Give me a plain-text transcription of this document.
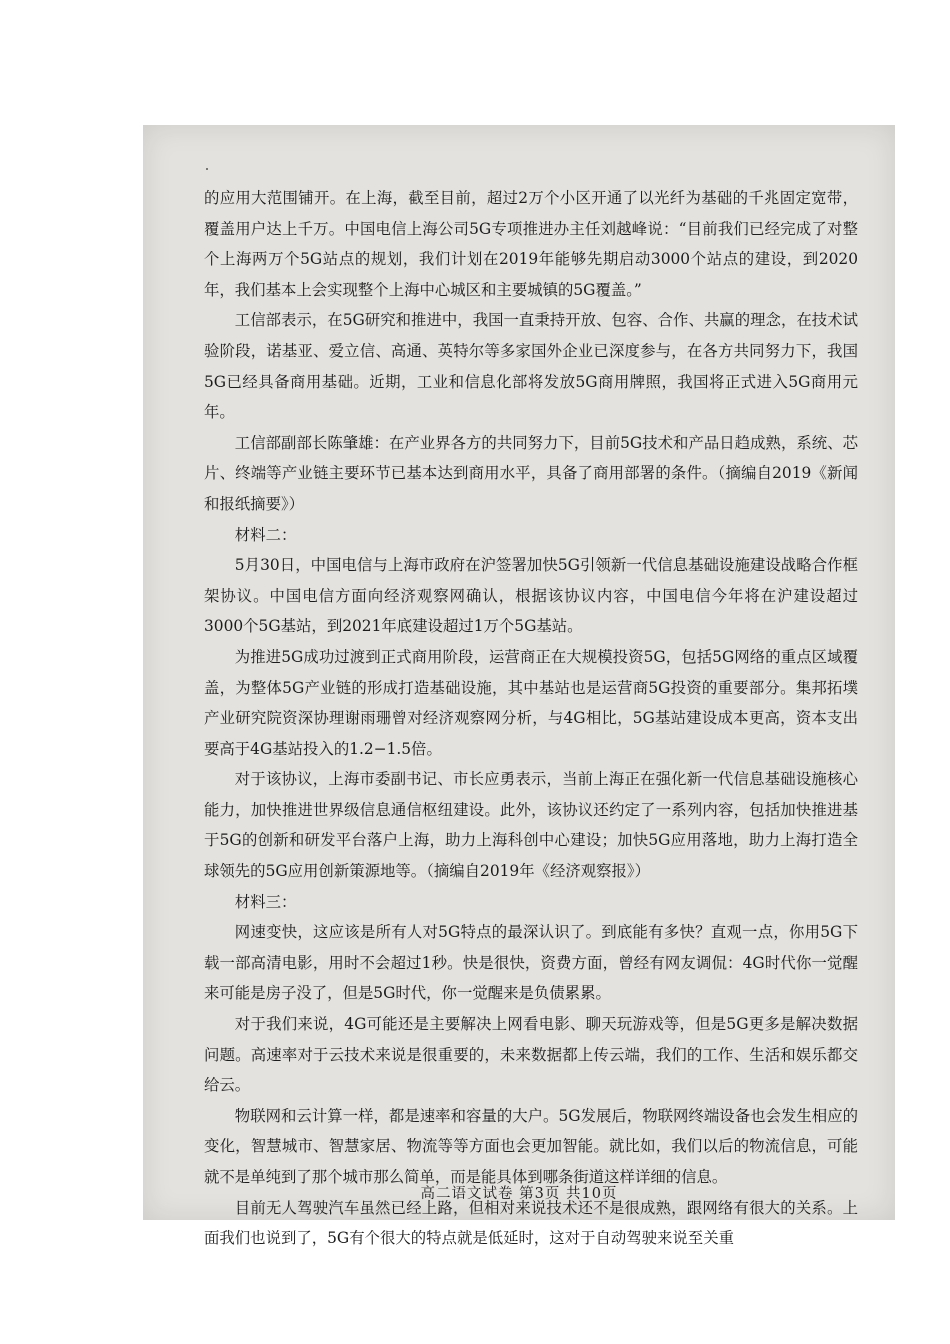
的应用大范围铺开。在上海，截至目前，超过2万个小区开通了以光纤为基础的千兆固定宽带，覆盖用户达上千万。中国电信上海公司5G专项推进办主任刘越峰说：“目前我们已经完成了对整个上海两万个5G站点的规划，我们计划在2019年能够先期启动3000个站点的建设，到2020年，我们基本上会实现整个上海中心城区和主要城镇的5G覆盖。”

工信部表示，在5G研究和推进中，我国一直秉持开放、包容、合作、共赢的理念，在技术试验阶段，诺基亚、爱立信、高通、英特尔等多家国外企业已深度参与，在各方共同努力下，我国5G已经具备商用基础。近期，工业和信息化部将发放5G商用牌照，我国将正式进入5G商用元年。

工信部副部长陈肇雄：在产业界各方的共同努力下，目前5G技术和产品日趋成熟，系统、芯片、终端等产业链主要环节已基本达到商用水平，具备了商用部署的条件。（摘编自2019《新闻和报纸摘要》）

材料二：

5月30日，中国电信与上海市政府在沪签署加快5G引领新一代信息基础设施建设战略合作框架协议。中国电信方面向经济观察网确认，根据该协议内容，中国电信今年将在沪建设超过3000个5G基站，到2021年底建设超过1万个5G基站。

为推进5G成功过渡到正式商用阶段，运营商正在大规模投资5G，包括5G网络的重点区域覆盖，为整体5G产业链的形成打造基础设施，其中基站也是运营商5G投资的重要部分。集邦拓墣产业研究院资深协理谢雨珊曾对经济观察网分析，与4G相比，5G基站建设成本更高，资本支出要高于4G基站投入的1.2−1.5倍。

对于该协议，上海市委副书记、市长应勇表示，当前上海正在强化新一代信息基础设施核心能力，加快推进世界级信息通信枢纽建设。此外，该协议还约定了一系列内容，包括加快推进基于5G的创新和研发平台落户上海，助力上海科创中心建设；加快5G应用落地，助力上海打造全球领先的5G应用创新策源地等。（摘编自2019年《经济观察报》）

材料三：

网速变快，这应该是所有人对5G特点的最深认识了。到底能有多快？直观一点，你用5G下载一部高清电影，用时不会超过1秒。快是很快，资费方面，曾经有网友调侃：4G时代你一觉醒来可能是房子没了，但是5G时代，你一觉醒来是负债累累。

对于我们来说，4G可能还是主要解决上网看电影、聊天玩游戏等，但是5G更多是解决数据问题。高速率对于云技术来说是很重要的，未来数据都上传云端，我们的工作、生活和娱乐都交给云。

物联网和云计算一样，都是速率和容量的大户。5G发展后，物联网终端设备也会发生相应的变化，智慧城市、智慧家居、物流等等方面也会更加智能。就比如，我们以后的物流信息，可能就不是单纯到了那个城市那么简单，而是能具体到哪条街道这样详细的信息。

目前无人驾驶汽车虽然已经上路，但相对来说技术还不是很成熟，跟网络有很大的关系。上面我们也说到了，5G有个很大的特点就是低延时，这对于自动驾驶来说至关重

高二语文试卷 第3页 共10页
